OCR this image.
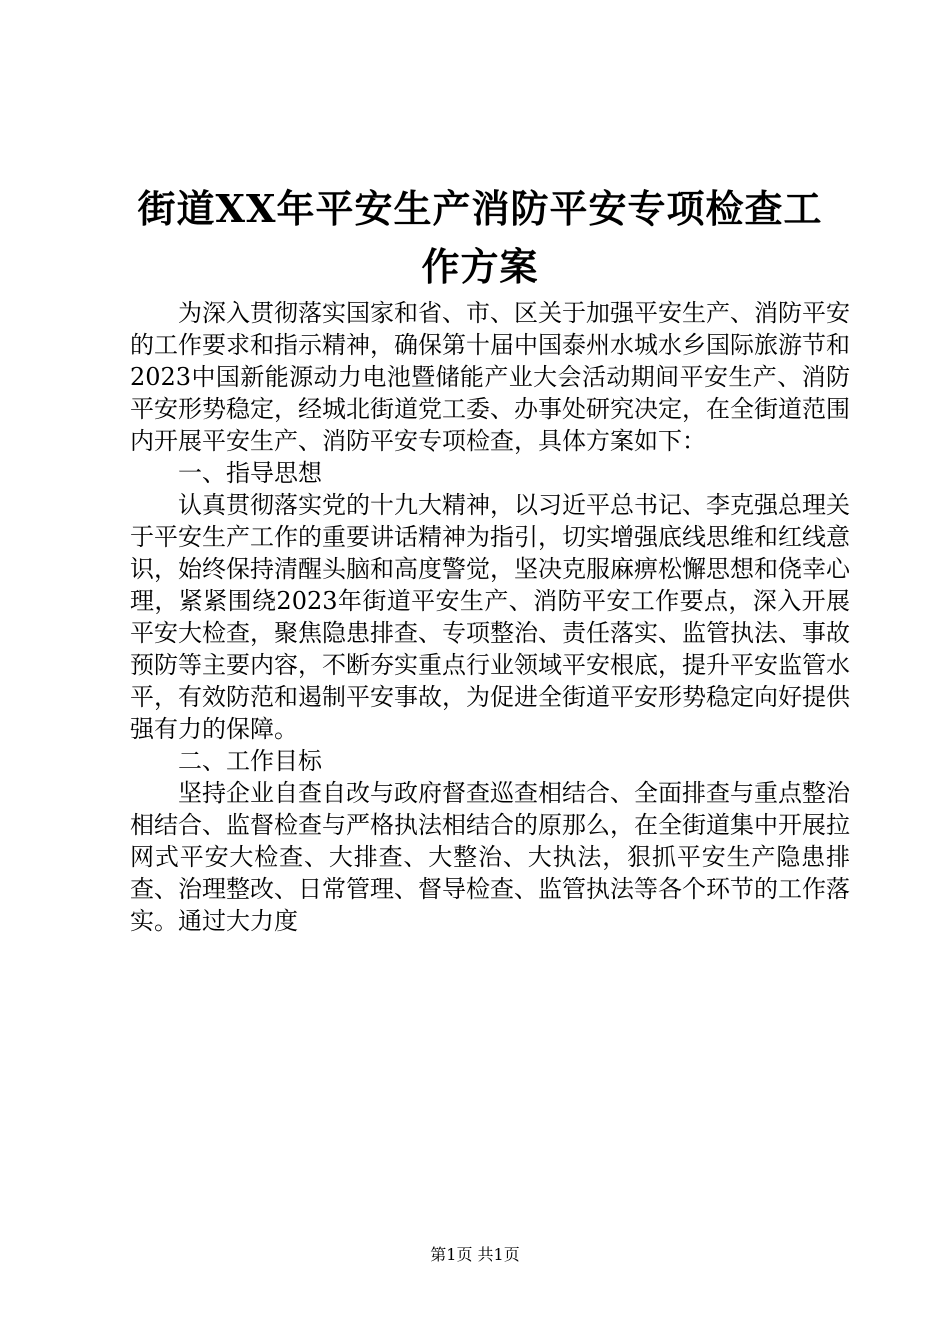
街道XX年平安生产消防平安专项检查工作方案

为深入贯彻落实国家和省、市、区关于加强平安生产、消防平安的工作要求和指示精神，确保第十届中国泰州水城水乡国际旅游节和2023中国新能源动力电池暨储能产业大会活动期间平安生产、消防平安形势稳定，经城北街道党工委、办事处研究决定，在全街道范围内开展平安生产、消防平安专项检查，具体方案如下：

一、指导思想

认真贯彻落实党的十九大精神，以习近平总书记、李克强总理关于平安生产工作的重要讲话精神为指引，切实增强底线思维和红线意识，始终保持清醒头脑和高度警觉，坚决克服麻痹松懈思想和侥幸心理，紧紧围绕2023年街道平安生产、消防平安工作要点，深入开展平安大检查，聚焦隐患排查、专项整治、责任落实、监管执法、事故预防等主要内容，不断夯实重点行业领域平安根底，提升平安监管水平，有效防范和遏制平安事故，为促进全街道平安形势稳定向好提供强有力的保障。

二、工作目标

坚持企业自查自改与政府督查巡查相结合、全面排查与重点整治相结合、监督检查与严格执法相结合的原那么，在全街道集中开展拉网式平安大检查、大排查、大整治、大执法，狠抓平安生产隐患排查、治理整改、日常管理、督导检查、监管执法等各个环节的工作落实。通过大力度

第1页 共1页
